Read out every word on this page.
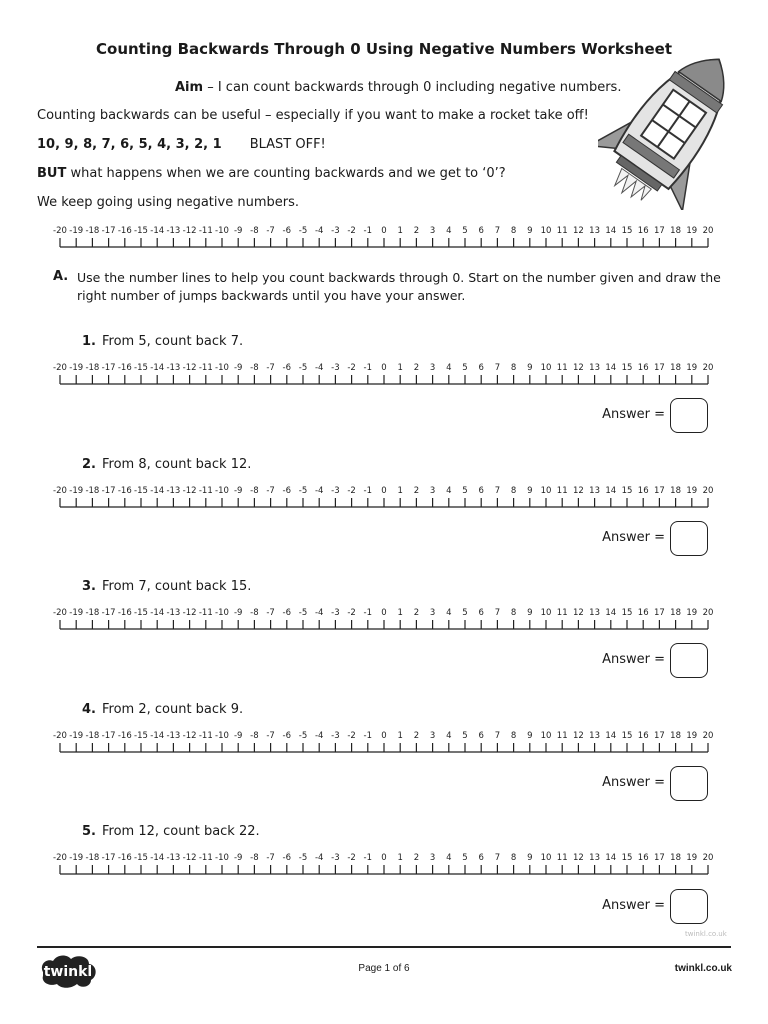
Counting Backwards Through 0 Using Negative Numbers Worksheet
Aim – I can count backwards through 0 including negative numbers.
Counting backwards can be useful – especially if you want to make a rocket take off!
10, 9, 8, 7, 6, 5, 4, 3, 2, 1 BLAST OFF!
BUT what happens when we are counting backwards and we get to ‘0’?
We keep going using negative numbers.
-20 -19 -18 -17 -16 -15 -14 -13 -12 -11 -10 -9 -8 -7 -6 -5 -4 -3 -2 -1 0 1 2 3 4 5 6 7 8 9 10 11 12 13 14 15 16 17 18 19 20
A. Use the number lines to help you count backwards through 0. Start on the number given and draw the right number of jumps backwards until you have your answer.
1. From 5, count back 7.
-20 -19 -18 -17 -16 -15 -14 -13 -12 -11 -10 -9 -8 -7 -6 -5 -4 -3 -2 -1 0 1 2 3 4 5 6 7 8 9 10 11 12 13 14 15 16 17 18 19 20
Answer =
2. From 8, count back 12.
-20 -19 -18 -17 -16 -15 -14 -13 -12 -11 -10 -9 -8 -7 -6 -5 -4 -3 -2 -1 0 1 2 3 4 5 6 7 8 9 10 11 12 13 14 15 16 17 18 19 20
Answer =
3. From 7, count back 15.
-20 -19 -18 -17 -16 -15 -14 -13 -12 -11 -10 -9 -8 -7 -6 -5 -4 -3 -2 -1 0 1 2 3 4 5 6 7 8 9 10 11 12 13 14 15 16 17 18 19 20
Answer =
4. From 2, count back 9.
-20 -19 -18 -17 -16 -15 -14 -13 -12 -11 -10 -9 -8 -7 -6 -5 -4 -3 -2 -1 0 1 2 3 4 5 6 7 8 9 10 11 12 13 14 15 16 17 18 19 20
Answer =
5. From 12, count back 22.
-20 -19 -18 -17 -16 -15 -14 -13 -12 -11 -10 -9 -8 -7 -6 -5 -4 -3 -2 -1 0 1 2 3 4 5 6 7 8 9 10 11 12 13 14 15 16 17 18 19 20
Answer =
twinkl.co.uk
twinkl	Page 1 of 6	twinkl.co.uk
